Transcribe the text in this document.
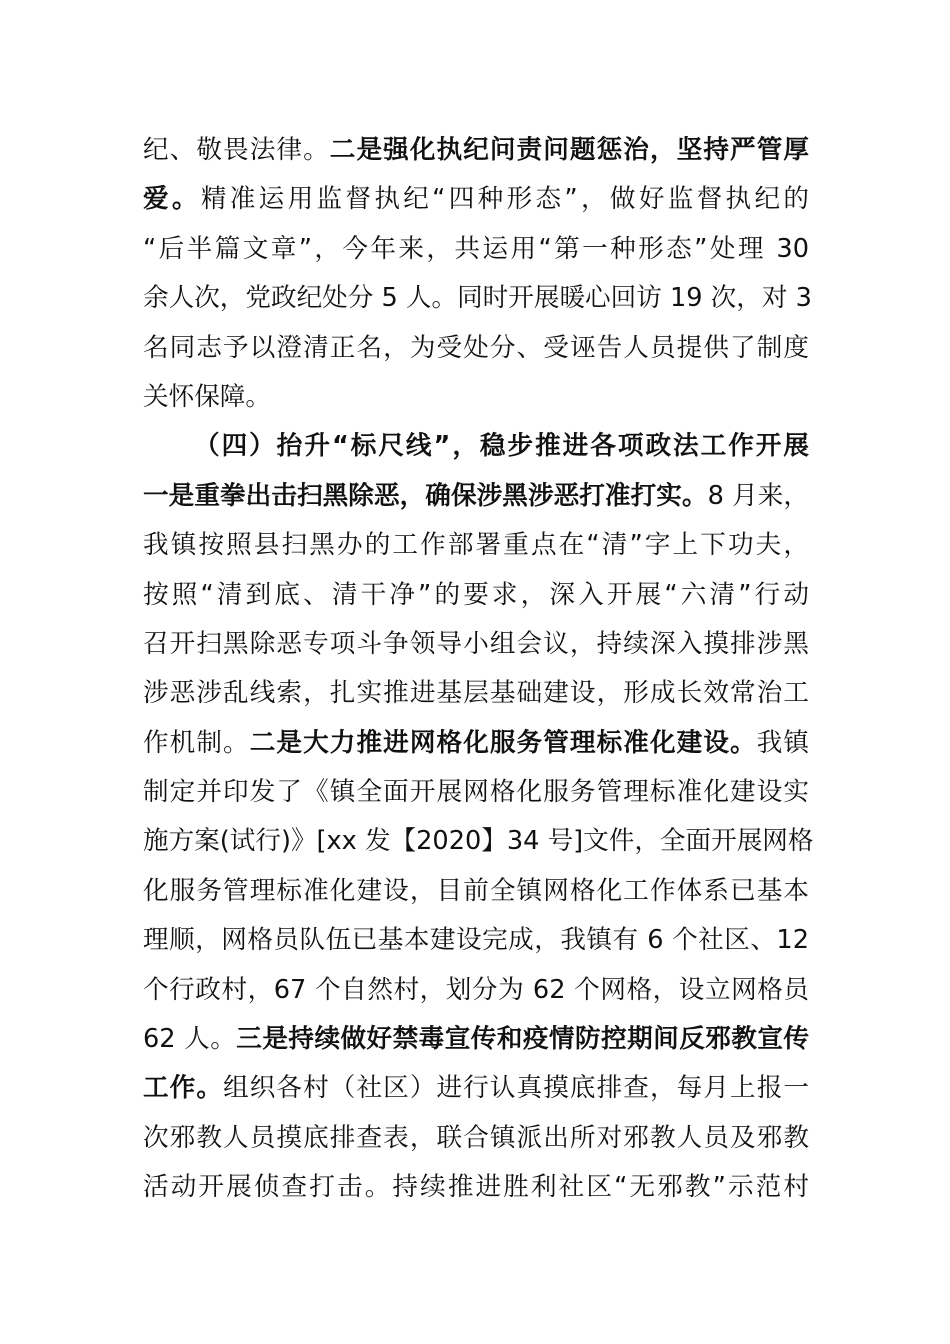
纪、敬畏法律。二是强化执纪问责问题惩治，坚持严管厚
爱。精准运用监督执纪“四种形态”，做好监督执纪的
“后半篇文章”，今年来，共运用“第一种形态”处理 30
余人次，党政纪处分 5 人。同时开展暖心回访 19 次，对 3
名同志予以澄清正名，为受处分、受诬告人员提供了制度
关怀保障。
（四）抬升“标尺线”，稳步推进各项政法工作开展
一是重拳出击扫黑除恶，确保涉黑涉恶打准打实。8 月来，
我镇按照县扫黑办的工作部署重点在“清”字上下功夫，
按照“清到底、清干净”的要求，深入开展“六清”行动
召开扫黑除恶专项斗争领导小组会议，持续深入摸排涉黑
涉恶涉乱线索，扎实推进基层基础建设，形成长效常治工
作机制。二是大力推进网格化服务管理标准化建设。我镇
制定并印发了《镇全面开展网格化服务管理标准化建设实
施方案(试行)》[xx 发【2020】34 号]文件，全面开展网格
化服务管理标准化建设，目前全镇网格化工作体系已基本
理顺，网格员队伍已基本建设完成，我镇有 6 个社区、12
个行政村，67 个自然村，划分为 62 个网格，设立网格员
62 人。三是持续做好禁毒宣传和疫情防控期间反邪教宣传
工作。组织各村（社区）进行认真摸底排查，每月上报一
次邪教人员摸底排查表，联合镇派出所对邪教人员及邪教
活动开展侦查打击。持续推进胜利社区“无邪教”示范村
